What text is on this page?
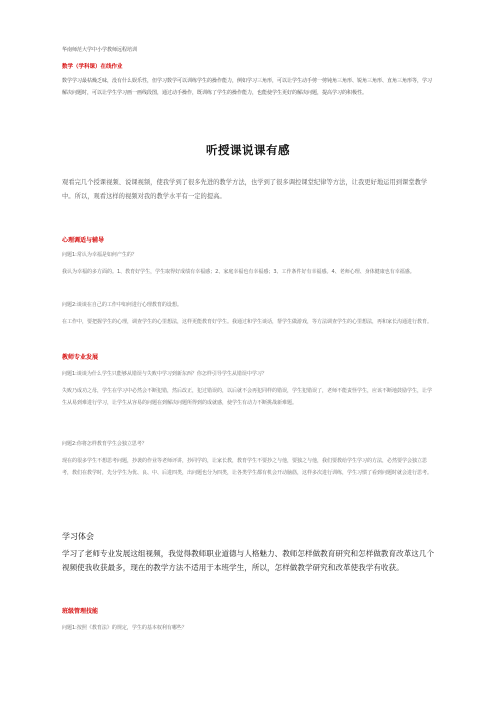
华南师范大学中小学教师远程培训
数学（学科课）在线作业
数学学习最枯燥乏味，没有什么娱乐性，但学习数学可以训练学生的操作能力，例如学习三角形，可以让学生动手剪一剪钝角三角形、锐角三角形、直角三角形等，学习解决问题时，可以让学生学习画一画线段图，通过动手操作，既训练了学生的操作能力，也能使学生更好的解决问题，提高学习的积极性。
听授课说课有感
观看完几个授课视频、说课视频，使我学到了很多先进的教学方法，也学到了很多调控课堂纪律等方法，让我更好地运用到课堂教学中。所以，观看这样的视频对我的教学水平有一定的提高。
心理调适与辅导
问题1:常认为幸福是如何产生的？
我认为幸福的多方面的。1、教育好学生，学生取得好成绩有幸福感；2、家庭幸福也有幸福感；3、工作条件好有幸福感。4、老师心理、身体健康也有幸福感。
问题2:谈谈在自己的工作中如何进行心理教育的设想。
在工作中，要把握学生的心理，调查学生的心里想法，这样更能教育好学生。我通过和学生谈话，帮学生做游戏，等方法调查学生的心里想法，再和家长沟通进行教育。
教师专业发展
问题1:谈谈为什么学生只能够从错误与失败中学习到新东西？你怎样引导学生从错误中学习？
失败乃成功之母，学生在学习中必然会不断犯错，然后改正，犯过错误的，以后就不会再犯同样的错误，学生犯错误了，老师不能责怪学生，应该不断地鼓励学生，让学生从易到难进行学习，让学生从容易的问题在到解决问题所得到的成就感，使学生有动力不断挑战新难题。
问题2:你将怎样教育学生会独立思考？
现在的很多学生不想思考问题，抄袭的作业等老师评讲，抄同学的，让家长教，教育学生不要抄之与他，要独之与他，我们要教给学生学习的方法，必然要学会独立思考，教们在教学时，先分学生为优、良、中、后进四类，出问题也分为四类，让各类学生都有机会开动脑筋，这样多次进行训练，学生习惯了看到问题时就会进行思考。
学习体会
学习了老师专业发展这组视频，我觉得教师职业道德与人格魅力、教师怎样做教育研究和怎样做教育改革这几个视频使我收获最多，现在的教学方法不适用于本班学生，所以，怎样做教学研究和改革使我学有收获。
班级管理技能
问题1:按照《教育法》的规定，学生的基本权利有哪些？
